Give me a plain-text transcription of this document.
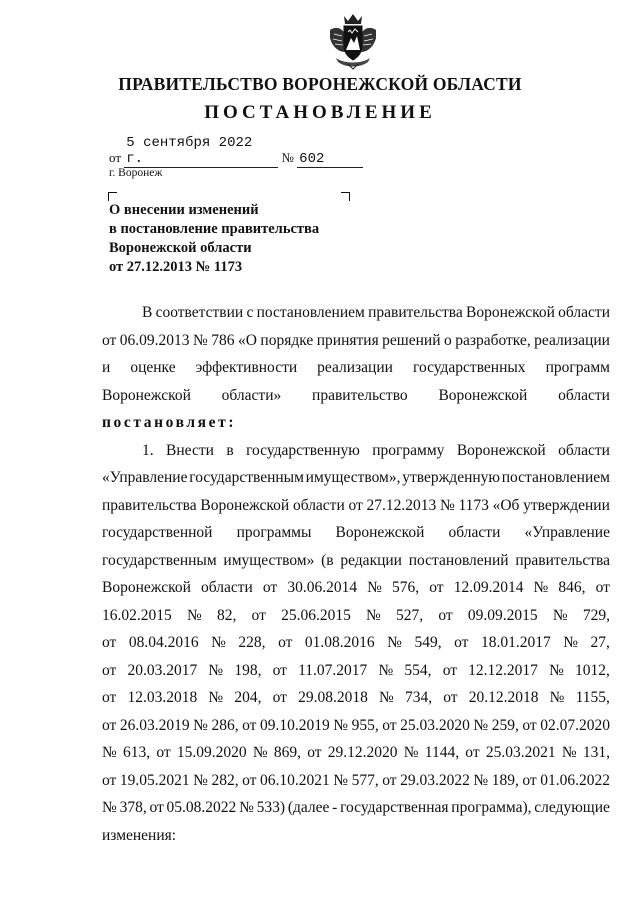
ПРАВИТЕЛЬСТВО ВОРОНЕЖСКОЙ ОБЛАСТИ
ПОСТАНОВЛЕНИЕ
от 5 сентября 2022 г.	№ 602
г. Воронеж
О внесении изменений
в постановление правительства
Воронежской области
от 27.12.2013 № 1173
В соответствии с постановлением правительства Воронежской области
от 06.09.2013 № 786 «О порядке принятия решений о разработке, реализации
и оценке эффективности реализации государственных программ
Воронежской области» правительство Воронежской области
постановляет:
1. Внести в государственную программу Воронежской области
«Управление государственным имуществом», утвержденную постановлением
правительства Воронежской области от 27.12.2013 № 1173 «Об утверждении
государственной программы Воронежской области «Управление
государственным имуществом» (в редакции постановлений правительства
Воронежской области от 30.06.2014 № 576, от 12.09.2014 № 846, от
16.02.2015 № 82, от 25.06.2015 № 527, от 09.09.2015 № 729,
от 08.04.2016 № 228, от 01.08.2016 № 549, от 18.01.2017 № 27,
от 20.03.2017 № 198, от 11.07.2017 № 554, от 12.12.2017 № 1012,
от 12.03.2018 № 204, от 29.08.2018 № 734, от 20.12.2018 № 1155,
от 26.03.2019 № 286, от 09.10.2019 № 955, от 25.03.2020 № 259, от 02.07.2020
№ 613, от 15.09.2020 № 869, от 29.12.2020 № 1144, от 25.03.2021 № 131,
от 19.05.2021 № 282, от 06.10.2021 № 577, от 29.03.2022 № 189, от 01.06.2022
№ 378, от 05.08.2022 № 533) (далее - государственная программа), следующие
изменения:
